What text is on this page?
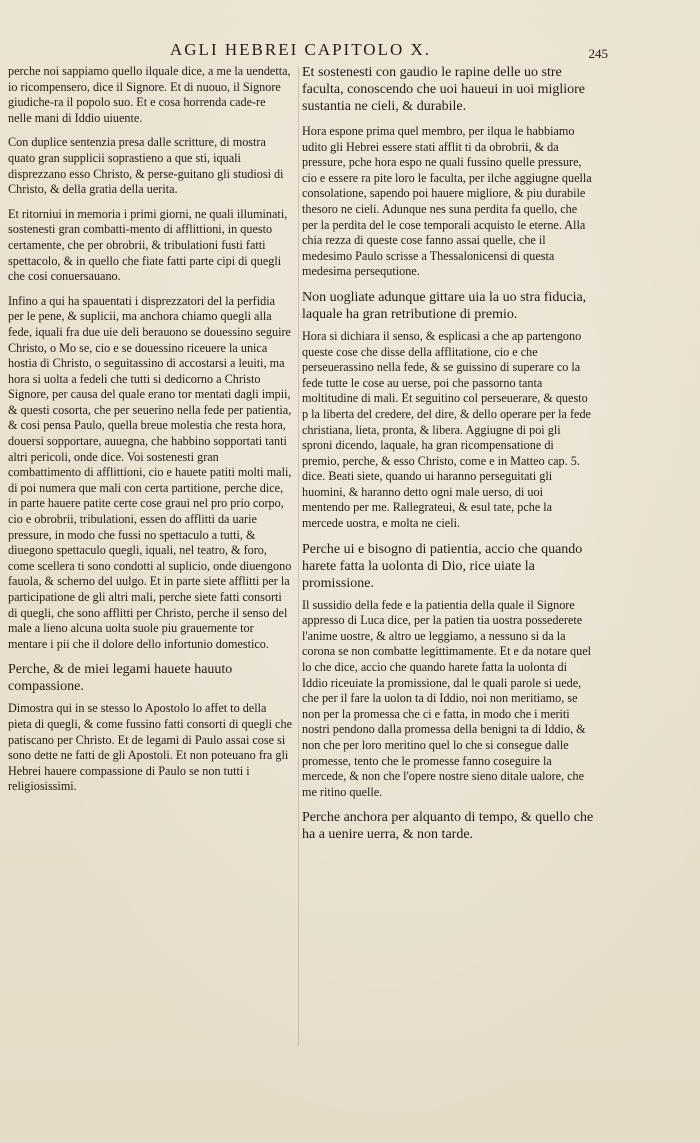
AGLI HEBREI CAPITOLO X.	245

perche noi sappiamo quello ilquale dice, a me la uendetta, io ricompensero, dice il Signore. Et di nuouo, il Signore giudiche-ra il popolo suo. Et e cosa horrenda cade-re nelle mani di Iddio uiuente.

Con duplice sentenzia presa dalle scritture, di mostra quato gran supplicii soprastieno a que sti, iquali disprezzano esso Christo, & perse-guitano gli studiosi di Christo, & della gratia della uerita.

Et ritorniui in memoria i primi giorni, ne quali illuminati, sostenesti gran combatti-mento di afflittioni, in questo certamente, che per obrobrii, & tribulationi fusti fatti spettacolo, & in quello che fiate fatti parte cipi di quegli che cosi conuersauano.

Infino a qui ha spauentati i disprezzatori del la perfidia per le pene, & suplicii, ma anchora chiamo quegli alla fede, iquali fra due uie deli berauono se douessino seguire Christo, o Mo se, cio e se douessino riceuere la unica hostia di Christo, o seguitassino di accostarsi a leuiti, ma hora si uolta a fedeli che tutti si dedicorno a Christo Signore, per causa del quale erano tor mentati dagli impii, & questi cosorta, che per seuerino nella fede per patientia, & cosi pensa Paulo, quella breue molestia che resta hora, douersi sopportare, auuegna, che habbino sopportati tanti altri pericoli, onde dice. Voi sostenesti gran combattimento di afflittioni, cio e hauete patiti molti mali, di poi numera que mali con certa partitione, perche dice, in parte hauere patite certe cose graui nel pro prio corpo, cio e obrobrii, tribulationi, essen do afflitti da uarie pressure, in modo che fussi no spettaculo a tutti, & diuegono spettaculo quegli, iquali, nel teatro, & foro, come scellera ti sono condotti al suplicio, onde diuengono fauola, & scherno del uulgo. Et in parte siete afflitti per la participatione de gli altri mali, perche siete fatti consorti di quegli, che sono afflitti per Christo, perche il senso del male a lieno alcuna uolta suole piu grauemente tor mentare i pii che il dolore dello infortunio domestico.

Perche, & de miei legami hauete hauuto compassione.

Dimostra qui in se stesso lo Apostolo lo affet to della pieta di quegli, & come fussino fatti consorti di quegli che patiscano per Christo. Et de legami di Paulo assai cose si sono dette ne fatti de gli Apostoli. Et non poteuano fra gli Hebrei hauere compassione di Paulo se non tutti i religiosissimi.

Et sostenesti con gaudio le rapine delle uo stre faculta, conoscendo che uoi haueui in uoi migliore sustantia ne cieli, & durabile.

Hora espone prima quel membro, per ilqua le habbiamo udito gli Hebrei essere stati afflit ti da obrobrii, & da pressure, pche hora espo ne quali fussino quelle pressure, cio e essere ra pite loro le faculta, per ilche aggiugne quella consolatione, sapendo poi hauere migliore, & piu durabile thesoro ne cieli. Adunque nes suna perdita fa quello, che per la perdita del le cose temporali acquisto le eterne. Alla chia rezza di queste cose fanno assai quelle, che il medesimo Paulo scrisse a Thessalonicensi di questa medesima persequtione.

Non uogliate adunque gittare uia la uo stra fiducia, laquale ha gran retributione di premio.

Hora si dichiara il senso, & esplicasi a che ap partengono queste cose che disse della afflitatione, cio e che perseuerassino nella fede, & se guissino di superare co la fede tutte le cose au uerse, poi che passorno tanta moltitudine di mali. Et seguitino col perseuerare, & questo p la liberta del credere, del dire, & dello operare per la fede christiana, lieta, pronta, & libera. Aggiugne di poi gli sproni dicendo, laquale, ha gran ricompensatione di premio, perche, & esso Christo, come e in Matteo cap. 5. dice. Beati siete, quando ui haranno perseguitati gli huomini, & haranno detto ogni male uerso, di uoi mentendo per me. Rallegrateui, & esul tate, pche la mercede uostra, e molta ne cieli.

Perche ui e bisogno di patientia, accio che quando harete fatta la uolonta di Dio, rice uiate la promissione.

Il sussidio della fede e la patientia della quale il Signore appresso di Luca dice, per la patien tia uostra possederete l'anime uostre, & altro ue leggiamo, a nessuno si da la corona se non combatte legittimamente. Et e da notare quel lo che dice, accio che quando harete fatta la uolonta di Iddio riceuiate la promissione, dal le quali parole si uede, che per il fare la uolon ta di Iddio, noi non meritiamo, se non per la promessa che ci e fatta, in modo che i meriti nostri pendono dalla promessa della benigni ta di Iddio, & non che per loro meritino quel lo che si consegue dalle promesse, tento che le promesse fanno coseguire la mercede, & non che l'opere nostre sieno ditale ualore, che me ritino quelle.

Perche anchora per alquanto di tempo, & quello che ha a uenire uerra, & non tarde.
